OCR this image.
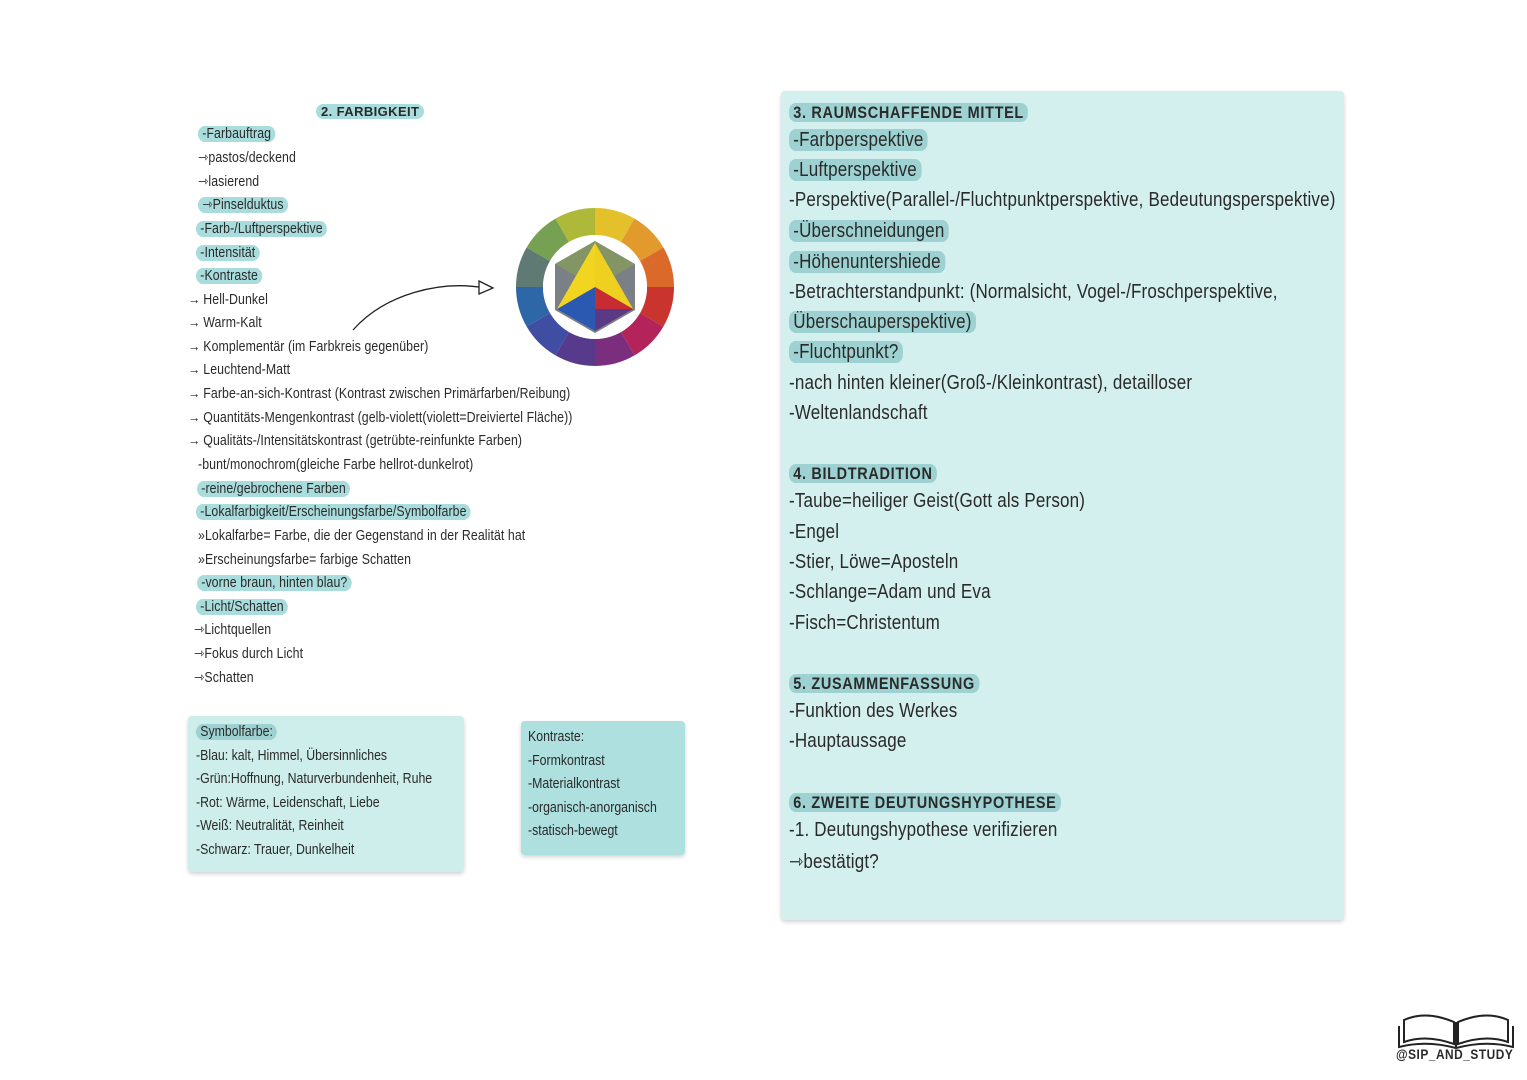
2. FARBIGKEIT
-Farbauftrag
⇾pastos/deckend
⇾lasierend
⇾Pinselduktus
-Farb-/Luftperspektive
-Intensität
-Kontraste
→ Hell-Dunkel
→ Warm-Kalt
→ Komplementär (im Farbkreis gegenüber)
→ Leuchtend-Matt
→ Farbe-an-sich-Kontrast (Kontrast zwischen Primärfarben/Reibung)
→ Quantitäts-Mengenkontrast (gelb-violett(violett=Dreiviertel Fläche))
→ Qualitäts-/Intensitätskontrast (getrübte-reinfunkte Farben)
-bunt/monochrom(gleiche Farbe hellrot-dunkelrot)
-reine/gebrochene Farben
-Lokalfarbigkeit/Erscheinungsfarbe/Symbolfarbe
»Lokalfarbe= Farbe, die der Gegenstand in der Realität hat
»Erscheinungsfarbe= farbige Schatten
-vorne braun, hinten blau?
-Licht/Schatten
⇾Lichtquellen
⇾Fokus durch Licht
⇾Schatten
Symbolfarbe:
-Blau: kalt, Himmel, Übersinnliches
-Grün:Hoffnung, Naturverbundenheit, Ruhe
-Rot: Wärme, Leidenschaft, Liebe
-Weiß: Neutralität, Reinheit
-Schwarz: Trauer, Dunkelheit
Kontraste:
-Formkontrast
-Materialkontrast
-organisch-anorganisch
-statisch-bewegt
3. RAUMSCHAFFENDE MITTEL
-Farbperspektive
-Luftperspektive
-Perspektive(Parallel-/Fluchtpunktperspektive, Bedeutungsperspektive)
-Überschneidungen
-Höhenuntershiede
-Betrachterstandpunkt: (Normalsicht, Vogel-/Froschperspektive,
Überschauperspektive)
-Fluchtpunkt?
-nach hinten kleiner(Groß-/Kleinkontrast), detailloser
-Weltenlandschaft
4. BILDTRADITION
-Taube=heiliger Geist(Gott als Person)
-Engel
-Stier, Löwe=Aposteln
-Schlange=Adam und Eva
-Fisch=Christentum
5. ZUSAMMENFASSUNG
-Funktion des Werkes
-Hauptaussage
6. ZWEITE DEUTUNGSHYPOTHESE
-1. Deutungshypothese verifizieren
⇾bestätigt?
@SIP_AND_STUDY
